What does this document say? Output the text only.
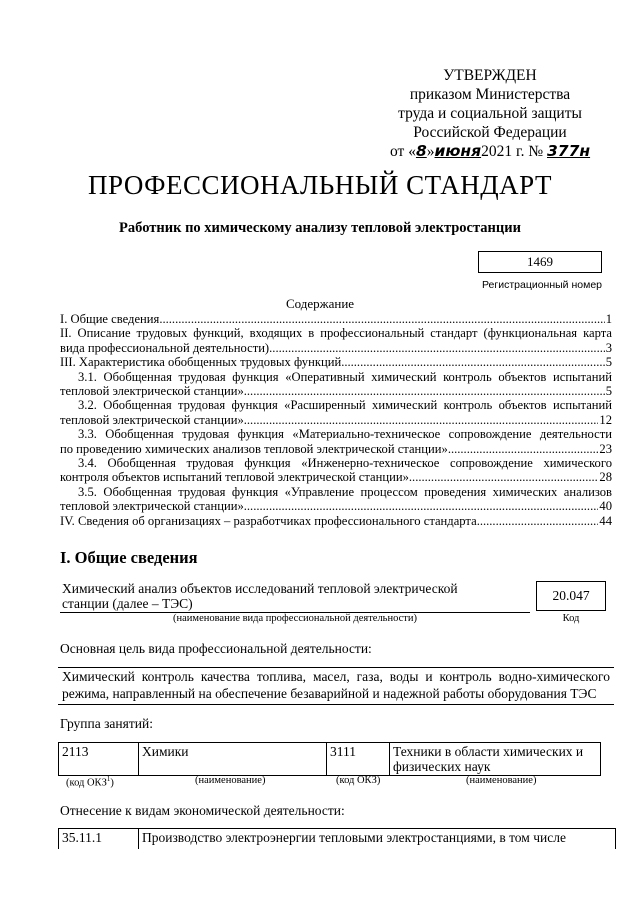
УТВЕРЖДЕН
приказом Министерства
труда и социальной защиты
Российской Федерации
от «8»июня2021 г. № 377н
ПРОФЕССИОНАЛЬНЫЙ СТАНДАРТ
Работник по химическому анализу тепловой электростанции
1469
Регистрационный номер
Содержание
I. Общие сведения .....	1
II. Описание трудовых функций, входящих в профессиональный стандарт (функциональная карта
вида профессиональной деятельности) .....	3
III. Характеристика обобщенных трудовых функций .....	5
3.1. Обобщенная трудовая функция «Оперативный химический контроль объектов испытаний
тепловой электрической станции» .....	5
3.2. Обобщенная трудовая функция «Расширенный химический контроль объектов испытаний
тепловой электрической станции» .....	12
3.3. Обобщенная трудовая функция «Материально-техническое сопровождение деятельности
по проведению химических анализов тепловой электрической станции» .....	23
3.4. Обобщенная трудовая функция «Инженерно-техническое сопровождение химического
контроля объектов испытаний тепловой электрической станции» .....	28
3.5. Обобщенная трудовая функция «Управление процессом проведения химических анализов
тепловой электрической станции» .....	40
IV. Сведения об организациях – разработчиках профессионального стандарта .....	44
I. Общие сведения
Химический анализ объектов исследований тепловой электрической станции (далее – ТЭС)
(наименование вида профессиональной деятельности)
20.047
Код
Основная цель вида профессиональной деятельности:
Химический контроль качества топлива, масел, газа, воды и контроль водно-химического режима, направленный на обеспечение безаварийной и надежной работы оборудования ТЭС
Группа занятий:
2113	Химики	3111	Техники в области химических и физических наук
(код ОКЗ$^1$)	(наименование)	(код ОКЗ)	(наименование)
Отнесение к видам экономической деятельности:
35.11.1	Производство электроэнергии тепловыми электростанциями, в том числе
